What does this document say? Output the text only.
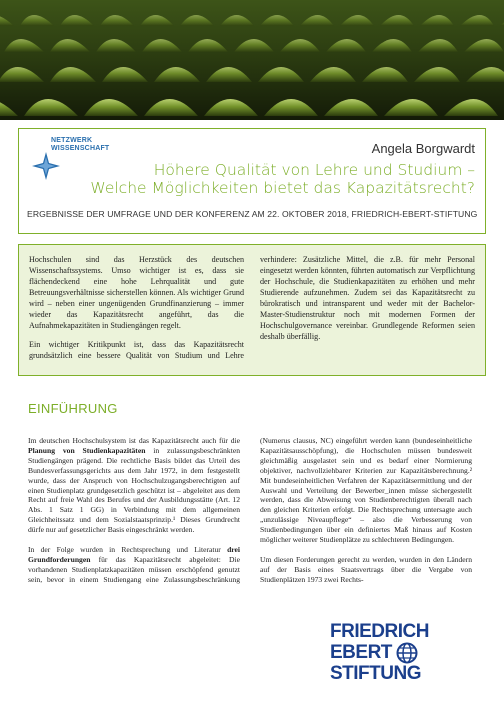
NETZWERK
WISSENSCHAFT	Angela Borgwardt
Höhere Qualität von Lehre und Studium –
Welche Möglichkeiten bietet das Kapazitätsrecht?
ERGEBNISSE DER UMFRAGE UND DER KONFERENZ AM 22. OKTOBER 2018, FRIEDRICH-EBERT-STIFTUNG

Hochschulen sind das Herzstück des deutschen Wissenschaftssystems. Umso wichtiger ist es, dass sie flächendeckend eine hohe Lehrqualität und gute Betreuungsverhältnisse sicherstellen können. Als wichtiger Grund wird – neben einer ungenügenden Grundfinanzierung – immer wieder das Kapazitätsrecht angeführt, das die Aufnahmekapazitäten in Studiengängen regelt.

Ein wichtiger Kritikpunkt ist, dass das Kapazitätsrecht grundsätzlich eine bessere Qualität von Studium und Lehre verhindere: Zusätzliche Mittel, die z.B. für mehr Personal eingesetzt werden könnten, führten automatisch zur Verpflichtung der Hochschule, die Studienkapazitäten zu erhöhen und mehr Studierende aufzunehmen. Zudem sei das Kapazitätsrecht zu bürokratisch und intransparent und weder mit der Bachelor-Master-Studienstruktur noch mit modernen Formen der Hochschulgovernance vereinbar. Grundlegende Reformen seien deshalb überfällig.

EINFÜHRUNG

Im deutschen Hochschulsystem ist das Kapazitätsrecht auch für die Planung von Studienkapazitäten in zulassungsbeschränkten Studiengängen prägend. Die rechtliche Basis bildet das Urteil des Bundesverfassungsgerichts aus dem Jahr 1972, in dem festgestellt wurde, dass der Anspruch von Hochschulzugangsberechtigten auf einen Studienplatz grundgesetzlich geschützt ist – abgeleitet aus dem Recht auf freie Wahl des Berufes und der Ausbildungsstätte (Art. 12 Abs. 1 Satz 1 GG) in Verbindung mit dem allgemeinen Gleichheitssatz und dem Sozialstaatsprinzip.¹ Dieses Grundrecht dürfe nur auf gesetzlicher Basis eingeschränkt werden.

In der Folge wurden in Rechtsprechung und Literatur drei Grundforderungen für das Kapazitätsrecht abgeleitet: Die vorhandenen Studienplatzkapazitäten müssen erschöpfend genutzt sein, bevor in einem Studiengang eine Zulassungsbeschränkung (Numerus clausus, NC) eingeführt werden kann (bundeseinheitliche Kapazitätsausschöpfung), die Hochschulen müssen bundesweit gleichmäßig ausgelastet sein und es bedarf einer Normierung objektiver, nachvollziehbarer Kriterien zur Kapazitätsberechnung.² Mit bundeseinheitlichen Verfahren der Kapazitätsermittlung und der Auswahl und Verteilung der Bewerber_innen müsse sichergestellt werden, dass die Abweisung von Studienberechtigten überall nach den gleichen Kriterien erfolgt. Die Rechtsprechung untersagte auch „unzulässige Niveaupflege“ – also die Verbesserung von Studienbedingungen über ein definiertes Maß hinaus auf Kosten möglicher weiterer Studienplätze zu schlechteren Bedingungen.

Um diesen Forderungen gerecht zu werden, wurden in den Ländern auf der Basis eines Staatsvertrags über die Vergabe von Studienplätzen 1973 zwei Rechts-

FRIEDRICH
EBERT
STIFTUNG
